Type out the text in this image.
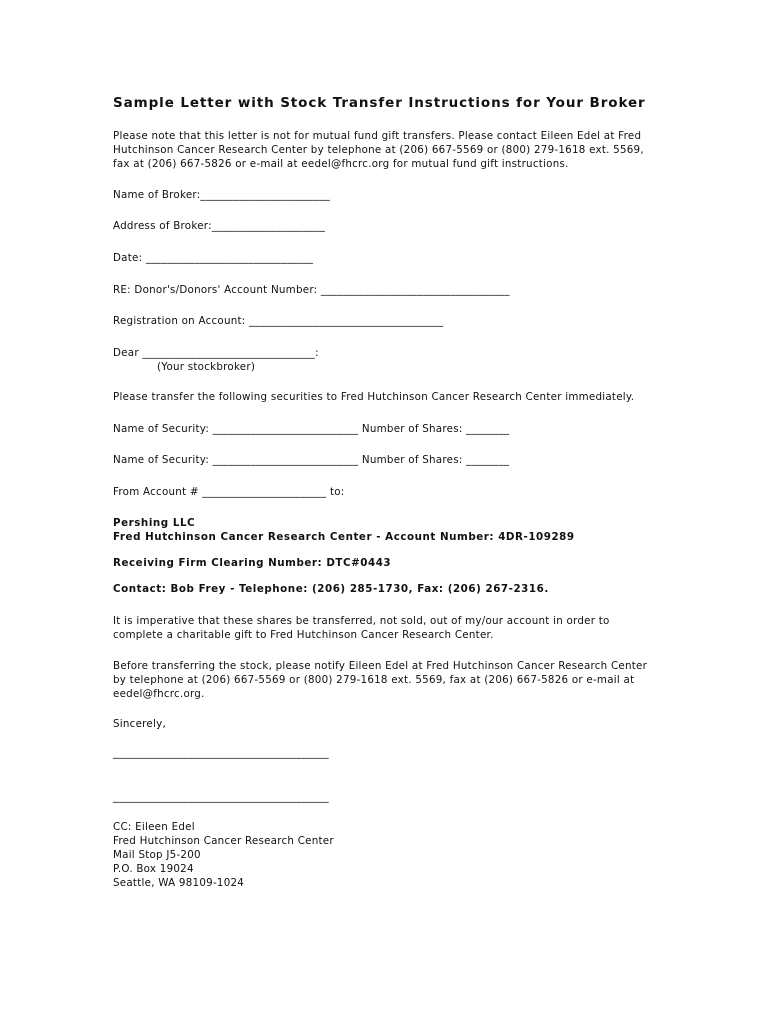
Sample Letter with Stock Transfer Instructions for Your Broker
Please note that this letter is not for mutual fund gift transfers. Please contact Eileen Edel at Fred
Hutchinson Cancer Research Center by telephone at (206) 667-5569 or (800) 279-1618 ext. 5569,
fax at (206) 667-5826 or e-mail at eedel@fhcrc.org for mutual fund gift instructions.
Name of Broker:________________________
Address of Broker:_____________________
Date: _______________________________
RE: Donor's/Donors' Account Number: ___________________________________
Registration on Account: ____________________________________
Dear ________________________________:
(Your stockbroker)
Please transfer the following securities to Fred Hutchinson Cancer Research Center immediately.
Name of Security: ___________________________ Number of Shares: ________
Name of Security: ___________________________ Number of Shares: ________
From Account # _______________________ to:
Pershing LLC
Fred Hutchinson Cancer Research Center - Account Number: 4DR-109289
Receiving Firm Clearing Number: DTC#0443
Contact: Bob Frey - Telephone: (206) 285-1730, Fax: (206) 267-2316.
It is imperative that these shares be transferred, not sold, out of my/our account in order to
complete a charitable gift to Fred Hutchinson Cancer Research Center.
Before transferring the stock, please notify Eileen Edel at Fred Hutchinson Cancer Research Center
by telephone at (206) 667-5569 or (800) 279-1618 ext. 5569, fax at (206) 667-5826 or e-mail at
eedel@fhcrc.org.
Sincerely,
________________________________________
________________________________________
CC: Eileen Edel
Fred Hutchinson Cancer Research Center
Mail Stop J5-200
P.O. Box 19024
Seattle, WA 98109-1024
